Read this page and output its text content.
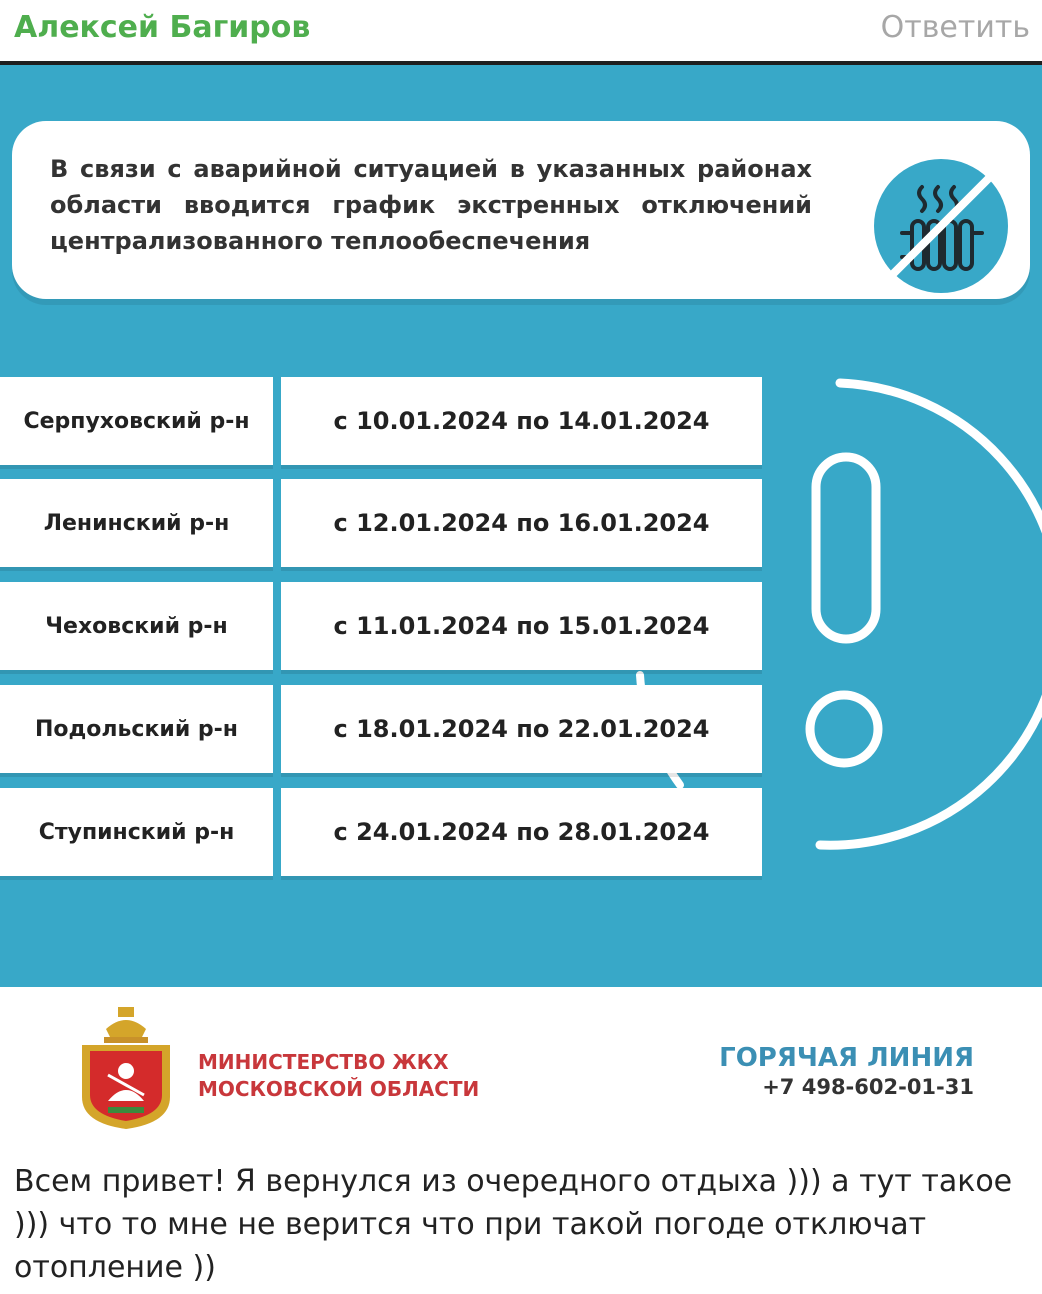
Алексей Багиров	Ответить
В связи с аварийной ситуацией в указанных районах области вводится график экстренных отключений централизованного теплообеспечения
Серпуховский р-н	с 10.01.2024 по 14.01.2024
Ленинский р-н	с 12.01.2024 по 16.01.2024
Чеховский р-н	с 11.01.2024 по 15.01.2024
Подольский р-н	с 18.01.2024 по 22.01.2024
Ступинский р-н	с 24.01.2024 по 28.01.2024
МИНИСТЕРСТВО ЖКХ
МОСКОВСКОЙ ОБЛАСТИ
ГОРЯЧАЯ ЛИНИЯ
+7 498-602-01-31
Всем привет! Я вернулся из очередного отдыха ))) а тут такое ))) что то мне не верится что при такой погоде отключат отопление ))
